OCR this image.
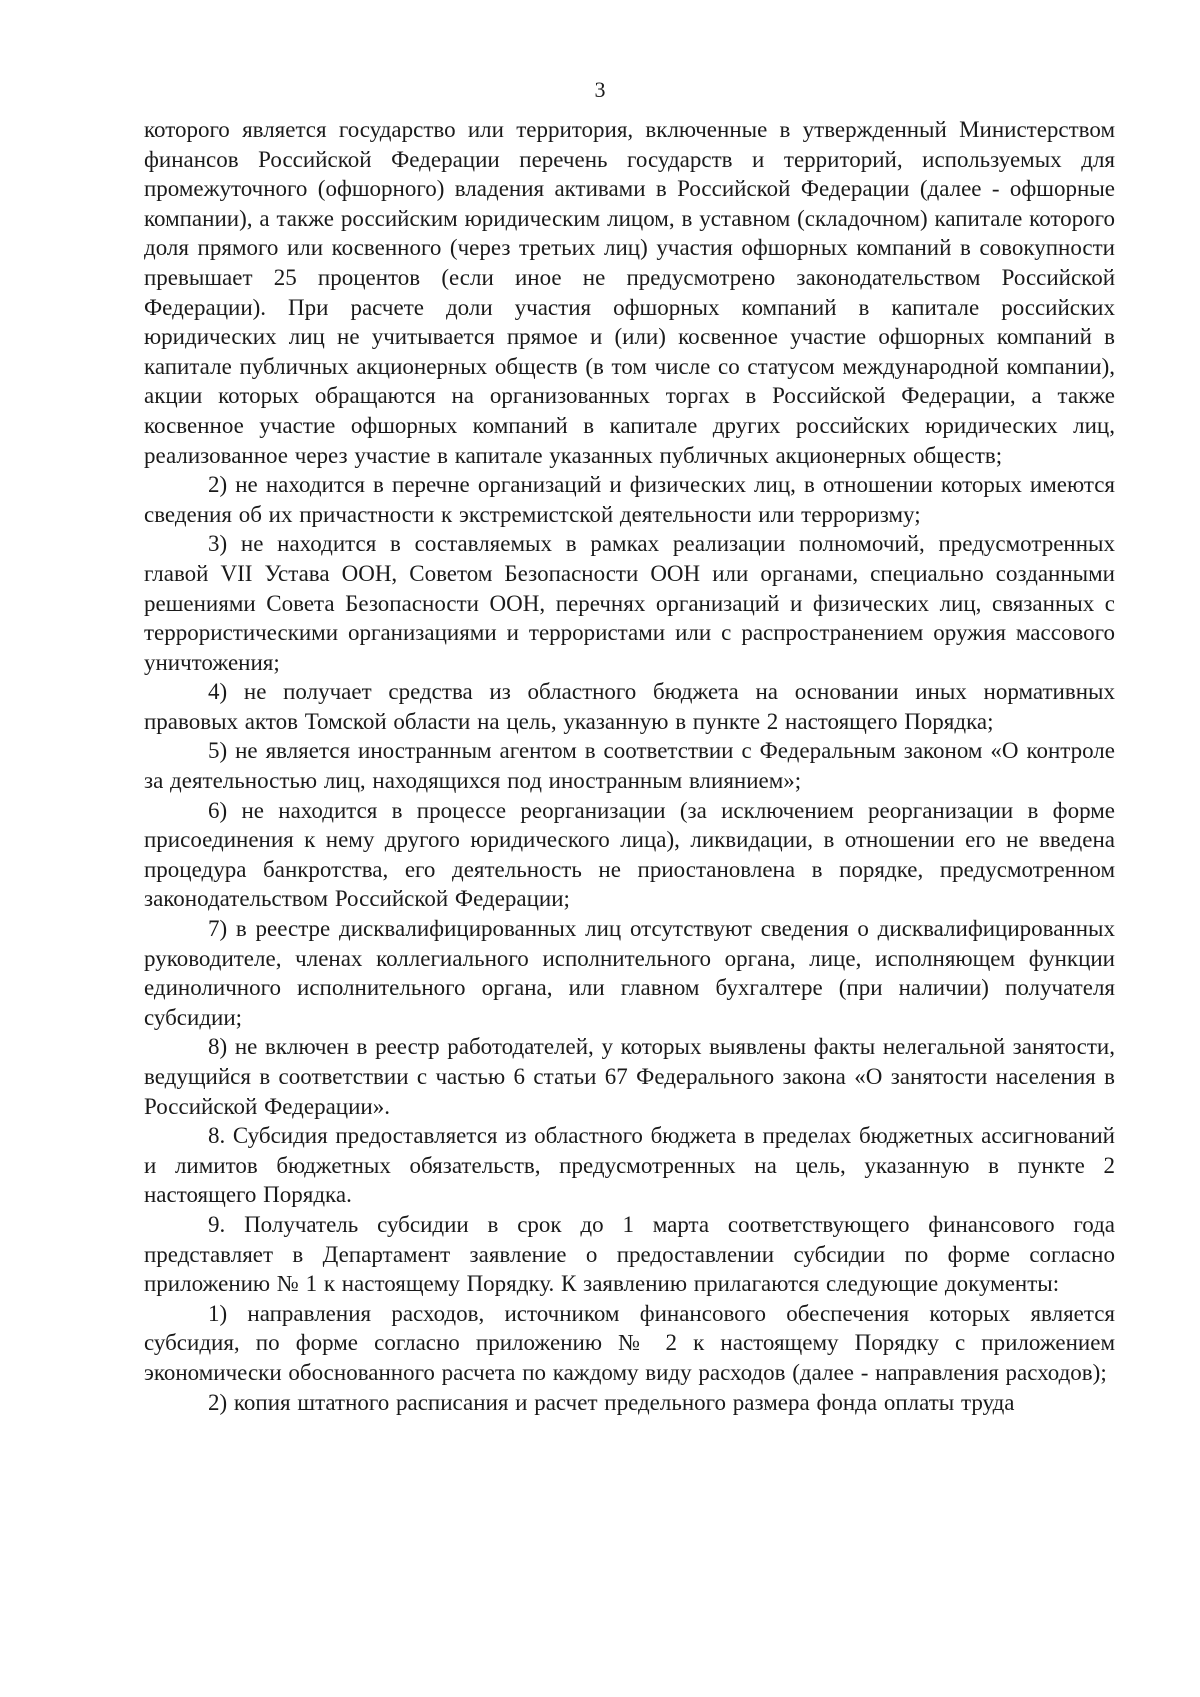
3

которого является государство или территория, включенные в утвержденный Министерством финансов Российской Федерации перечень государств и территорий, используемых для промежуточного (офшорного) владения активами в Российской Федерации (далее - офшорные компании), а также российским юридическим лицом, в уставном (складочном) капитале которого доля прямого или косвенного (через третьих лиц) участия офшорных компаний в совокупности превышает 25 процентов (если иное не предусмотрено законодательством Российской Федерации). При расчете доли участия офшорных компаний в капитале российских юридических лиц не учитывается прямое и (или) косвенное участие офшорных компаний в капитале публичных акционерных обществ (в том числе со статусом международной компании), акции которых обращаются на организованных торгах в Российской Федерации, а также косвенное участие офшорных компаний в капитале других российских юридических лиц, реализованное через участие в капитале указанных публичных акционерных обществ;

2) не находится в перечне организаций и физических лиц, в отношении которых имеются сведения об их причастности к экстремистской деятельности или терроризму;

3) не находится в составляемых в рамках реализации полномочий, предусмотренных главой VII Устава ООН, Советом Безопасности ООН или органами, специально созданными решениями Совета Безопасности ООН, перечнях организаций и физических лиц, связанных с террористическими организациями и террористами или с распространением оружия массового уничтожения;

4) не получает средства из областного бюджета на основании иных нормативных правовых актов Томской области на цель, указанную в пункте 2 настоящего Порядка;

5) не является иностранным агентом в соответствии с Федеральным законом «О контроле за деятельностью лиц, находящихся под иностранным влиянием»;

6) не находится в процессе реорганизации (за исключением реорганизации в форме присоединения к нему другого юридического лица), ликвидации, в отношении его не введена процедура банкротства, его деятельность не приостановлена в порядке, предусмотренном законодательством Российской Федерации;

7) в реестре дисквалифицированных лиц отсутствуют сведения о дисквалифицированных руководителе, членах коллегиального исполнительного органа, лице, исполняющем функции единоличного исполнительного органа, или главном бухгалтере (при наличии) получателя субсидии;

8) не включен в реестр работодателей, у которых выявлены факты нелегальной занятости, ведущийся в соответствии с частью 6 статьи 67 Федерального закона «О занятости населения в Российской Федерации».

8. Субсидия предоставляется из областного бюджета в пределах бюджетных ассигнований и лимитов бюджетных обязательств, предусмотренных на цель, указанную в пункте 2 настоящего Порядка.

9. Получатель субсидии в срок до 1 марта соответствующего финансового года представляет в Департамент заявление о предоставлении субсидии по форме согласно приложению № 1 к настоящему Порядку. К заявлению прилагаются следующие документы:

1) направления расходов, источником финансового обеспечения которых является субсидия, по форме согласно приложению № 2 к настоящему Порядку с приложением экономически обоснованного расчета по каждому виду расходов (далее - направления расходов);

2) копия штатного расписания и расчет предельного размера фонда оплаты труда
